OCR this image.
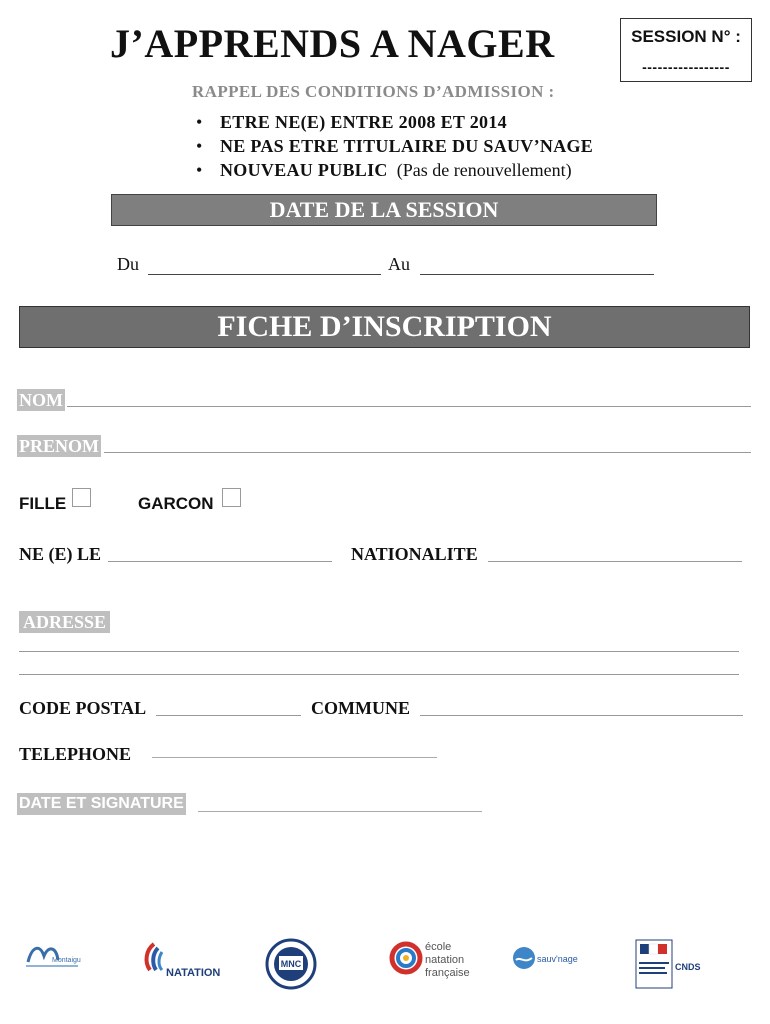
J’APPRENDS A NAGER	SESSION N° :
-----------------
RAPPEL DES CONDITIONS D’ADMISSION :
• ETRE NE(E) ENTRE 2008 ET 2014
• NE PAS ETRE TITULAIRE DU SAUV’NAGE
• NOUVEAU PUBLIC (Pas de renouvellement)
DATE DE LA SESSION
Du	Au
FICHE D’INSCRIPTION
NOM
PRENOM
FILLE	GARCON
NE (E) LE	NATIONALITE
ADRESSE
CODE POSTAL	COMMUNE
TELEPHONE
DATE ET SIGNATURE
Montaigu
NATATION
MNC
école
natation
française
sauv'nage
CNDS
